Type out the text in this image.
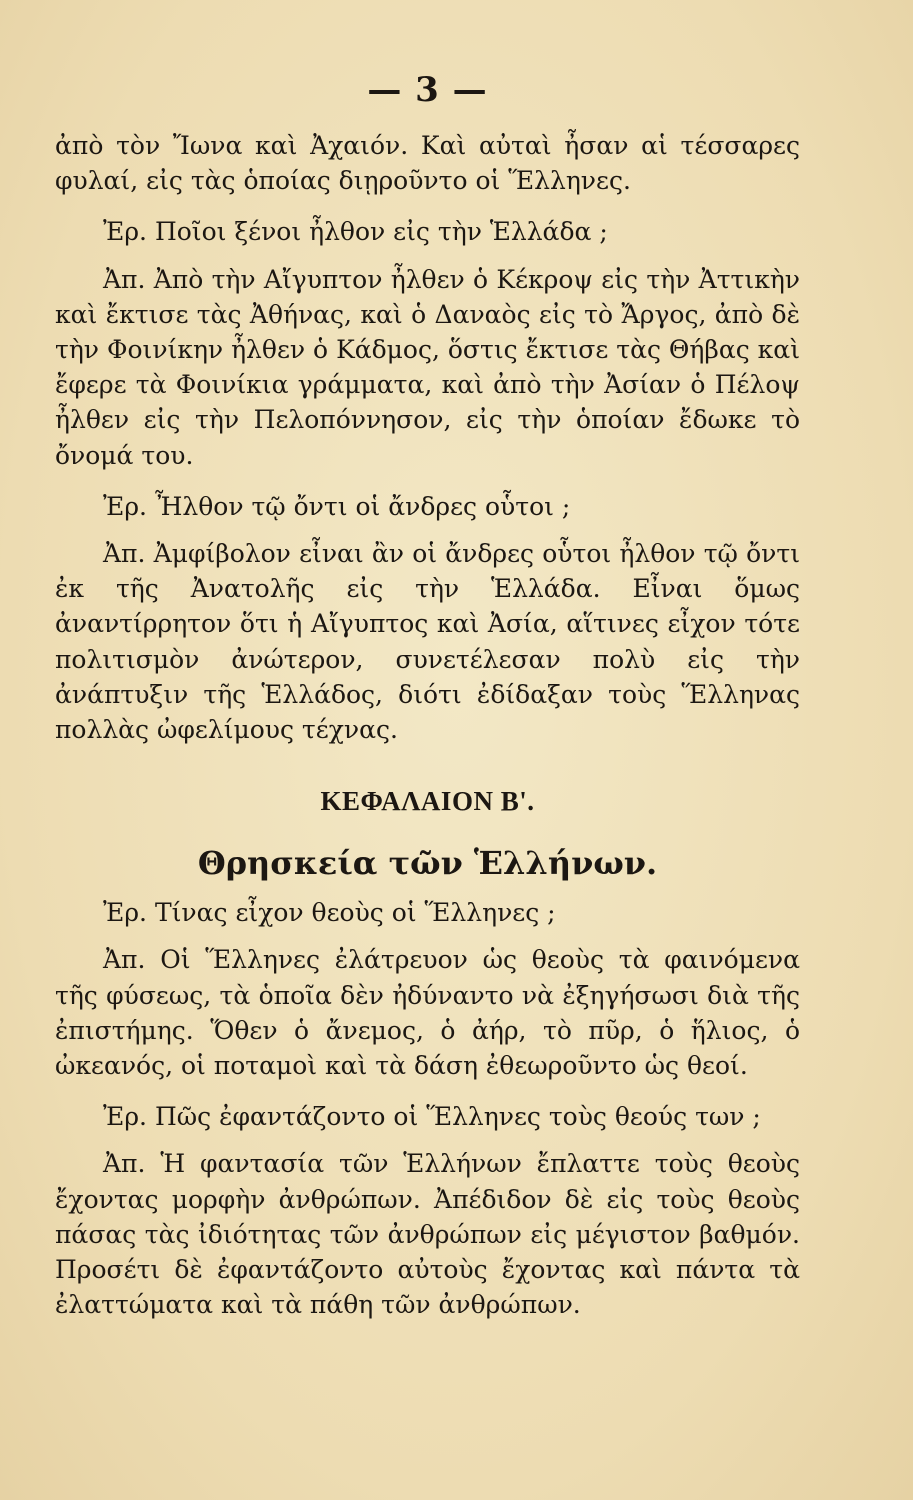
— 3 —

ἀπὸ τὸν Ἴωνα καὶ Ἀχαιόν. Καὶ αὐταὶ ἦσαν αἱ τέσσαρες φυλαί, εἰς τὰς ὁποίας διῃροῦντο οἱ Ἕλληνες.

Ἐρ. Ποῖοι ξένοι ἦλθον εἰς τὴν Ἑλλάδα ;

Ἀπ. Ἀπὸ τὴν Αἴγυπτον ἦλθεν ὁ Κέκροψ εἰς τὴν Ἀττικὴν καὶ ἔκτισε τὰς Ἀθήνας, καὶ ὁ Δαναὸς εἰς τὸ Ἄργος, ἀπὸ δὲ τὴν Φοινίκην ἦλθεν ὁ Κάδμος, ὅστις ἔκτισε τὰς Θήβας καὶ ἔφερε τὰ Φοινίκια γράμματα, καὶ ἀπὸ τὴν Ἀσίαν ὁ Πέλοψ ἦλθεν εἰς τὴν Πελοπόννησον, εἰς τὴν ὁποίαν ἔδωκε τὸ ὄνομά του.

Ἐρ. Ἦλθον τῷ ὄντι οἱ ἄνδρες οὗτοι ;

Ἀπ. Ἀμφίβολον εἶναι ἂν οἱ ἄνδρες οὗτοι ἦλθον τῷ ὄντι ἐκ τῆς Ἀνατολῆς εἰς τὴν Ἑλλάδα. Εἶναι ὅμως ἀναντίρρητον ὅτι ἡ Αἴγυπτος καὶ Ἀσία, αἵτινες εἶχον τότε πολιτισμὸν ἀνώτερον, συνετέλεσαν πολὺ εἰς τὴν ἀνάπτυξιν τῆς Ἑλλάδος, διότι ἐδίδαξαν τοὺς Ἕλληνας πολλὰς ὠφελίμους τέχνας.

ΚΕΦΑΛΑΙΟΝ Β'.
Θρησκεία τῶν Ἑλλήνων.

Ἐρ. Τίνας εἶχον θεοὺς οἱ Ἕλληνες ;

Ἀπ. Οἱ Ἕλληνες ἐλάτρευον ὡς θεοὺς τὰ φαινόμενα τῆς φύσεως, τὰ ὁποῖα δὲν ἠδύναντο νὰ ἐξηγήσωσι διὰ τῆς ἐπιστήμης. Ὅθεν ὁ ἄνεμος, ὁ ἀήρ, τὸ πῦρ, ὁ ἥλιος, ὁ ὠκεανός, οἱ ποταμοὶ καὶ τὰ δάση ἐθεωροῦντο ὡς θεοί.

Ἐρ. Πῶς ἐφαντάζοντο οἱ Ἕλληνες τοὺς θεούς των ;

Ἀπ. Ἡ φαντασία τῶν Ἑλλήνων ἔπλαττε τοὺς θεοὺς ἔχοντας μορφὴν ἀνθρώπων. Ἀπέδιδον δὲ εἰς τοὺς θεοὺς πάσας τὰς ἰδιότητας τῶν ἀνθρώπων εἰς μέγιστον βαθμόν. Προσέτι δὲ ἐφαντάζοντο αὐτοὺς ἔχοντας καὶ πάντα τὰ ἐλαττώματα καὶ τὰ πάθη τῶν ἀνθρώπων.
